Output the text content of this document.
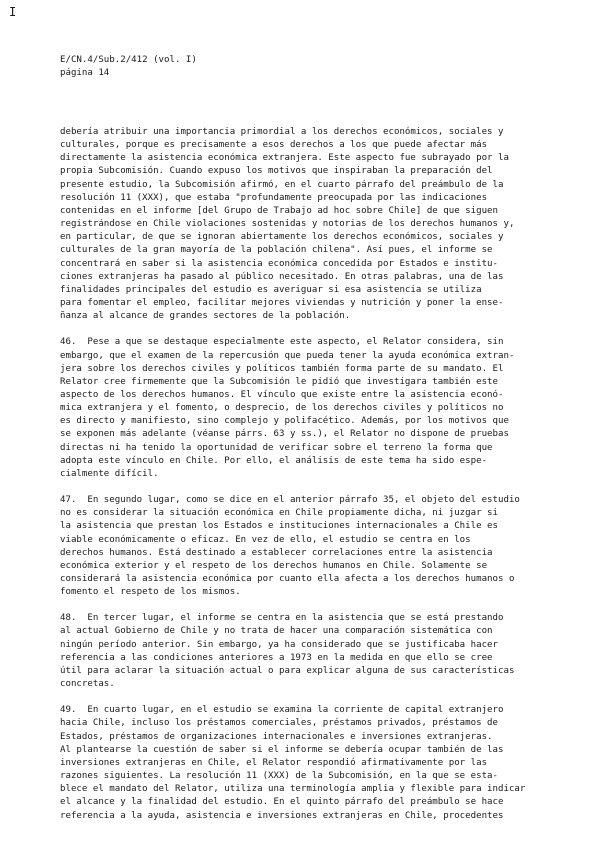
I
E/CN.4/Sub.2/412 (vol. I)
página 14
debería atribuir una importancia primordial a los derechos económicos, sociales y
culturales, porque es precisamente a esos derechos a los que puede afectar más
directamente la asistencia económica extranjera. Este aspecto fue subrayado por la
propia Subcomisión. Cuando expuso los motivos que inspiraban la preparación del
presente estudio, la Subcomisión afirmó, en el cuarto párrafo del preámbulo de la
resolución 11 (XXX), que estaba "profundamente preocupada por las indicaciones
contenidas en el informe [del Grupo de Trabajo ad hoc sobre Chile] de que siguen
registrándose en Chile violaciones sostenidas y notorias de los derechos humanos y,
en particular, de que se ignoran abiertamente los derechos económicos, sociales y
culturales de la gran mayoría de la población chilena". Así pues, el informe se
concentrará en saber si la asistencia económica concedida por Estados e institu-
ciones extranjeras ha pasado al público necesitado. En otras palabras, una de las
finalidades principales del estudio es averiguar si esa asistencia se utiliza
para fomentar el empleo, facilitar mejores viviendas y nutrición y poner la ense-
ñanza al alcance de grandes sectores de la población.
46.  Pese a que se destaque especialmente este aspecto, el Relator considera, sin
embargo, que el examen de la repercusión que pueda tener la ayuda económica extran-
jera sobre los derechos civiles y políticos también forma parte de su mandato. El
Relator cree firmemente que la Subcomisión le pidió que investigara también este
aspecto de los derechos humanos. El vínculo que existe entre la asistencia econó-
mica extranjera y el fomento, o desprecio, de los derechos civiles y políticos no
es directo y manifiesto, sino complejo y polifacético. Además, por los motivos que
se exponen más adelante (véanse párrs. 63 y ss.), el Relator no dispone de pruebas
directas ni ha tenido la oportunidad de verificar sobre el terreno la forma que
adopta este vínculo en Chile. Por ello, el análisis de este tema ha sido espe-
cialmente difícil.
47.  En segundo lugar, como se dice en el anterior párrafo 35, el objeto del estudio
no es considerar la situación económica en Chile propiamente dicha, ni juzgar si
la asistencia que prestan los Estados e instituciones internacionales a Chile es
viable económicamente o eficaz. En vez de ello, el estudio se centra en los
derechos humanos. Está destinado a establecer correlaciones entre la asistencia
económica exterior y el respeto de los derechos humanos en Chile. Solamente se
considerará la asistencia económica por cuanto ella afecta a los derechos humanos o
fomento el respeto de los mismos.
48.  En tercer lugar, el informe se centra en la asistencia que se está prestando
al actual Gobierno de Chile y no trata de hacer una comparación sistemática con
ningún período anterior. Sin embargo, ya ha considerado que se justificaba hacer
referencia a las condiciones anteriores a 1973 en la medida en que ello se cree
útil para aclarar la situación actual o para explicar alguna de sus características
concretas.
49.  En cuarto lugar, en el estudio se examina la corriente de capital extranjero
hacia Chile, incluso los préstamos comerciales, préstamos privados, préstamos de
Estados, préstamos de organizaciones internacionales e inversiones extranjeras.
Al plantearse la cuestión de saber si el informe se debería ocupar también de las
inversiones extranjeras en Chile, el Relator respondió afirmativamente por las
razones siguientes. La resolución 11 (XXX) de la Subcomisión, en la que se esta-
blece el mandato del Relator, utiliza una terminología amplia y flexible para indicar
el alcance y la finalidad del estudio. En el quinto párrafo del preámbulo se hace
referencia a la ayuda, asistencia e inversiones extranjeras en Chile, procedentes
